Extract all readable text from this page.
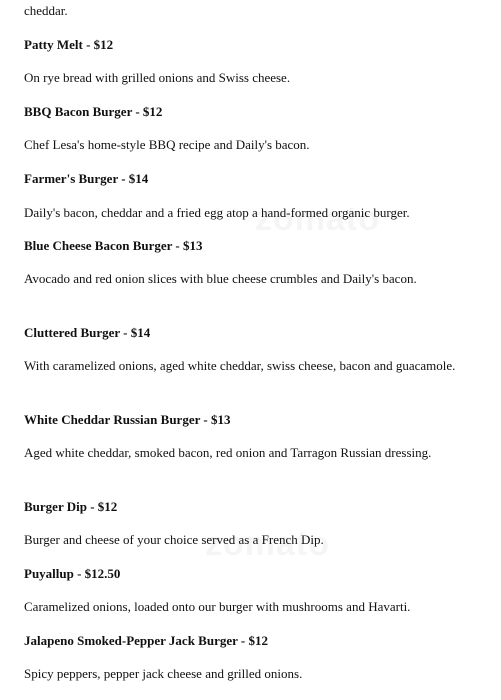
cheddar.
Patty Melt - $12
On rye bread with grilled onions and Swiss cheese.
BBQ Bacon Burger - $12
Chef Lesa's home-style BBQ recipe and Daily's bacon.
Farmer's Burger - $14
Daily's bacon, cheddar and a fried egg atop a hand-formed organic burger.
Blue Cheese Bacon Burger - $13
Avocado and red onion slices with blue cheese crumbles and Daily's bacon.
Cluttered Burger - $14
With caramelized onions, aged white cheddar, swiss cheese, bacon and guacamole.
White Cheddar Russian Burger - $13
Aged white cheddar, smoked bacon, red onion and Tarragon Russian dressing.
Burger Dip - $12
Burger and cheese of your choice served as a French Dip.
Puyallup - $12.50
Caramelized onions, loaded onto our burger with mushrooms and Havarti.
Jalapeno Smoked-Pepper Jack Burger - $12
Spicy peppers, pepper jack cheese and grilled onions.
